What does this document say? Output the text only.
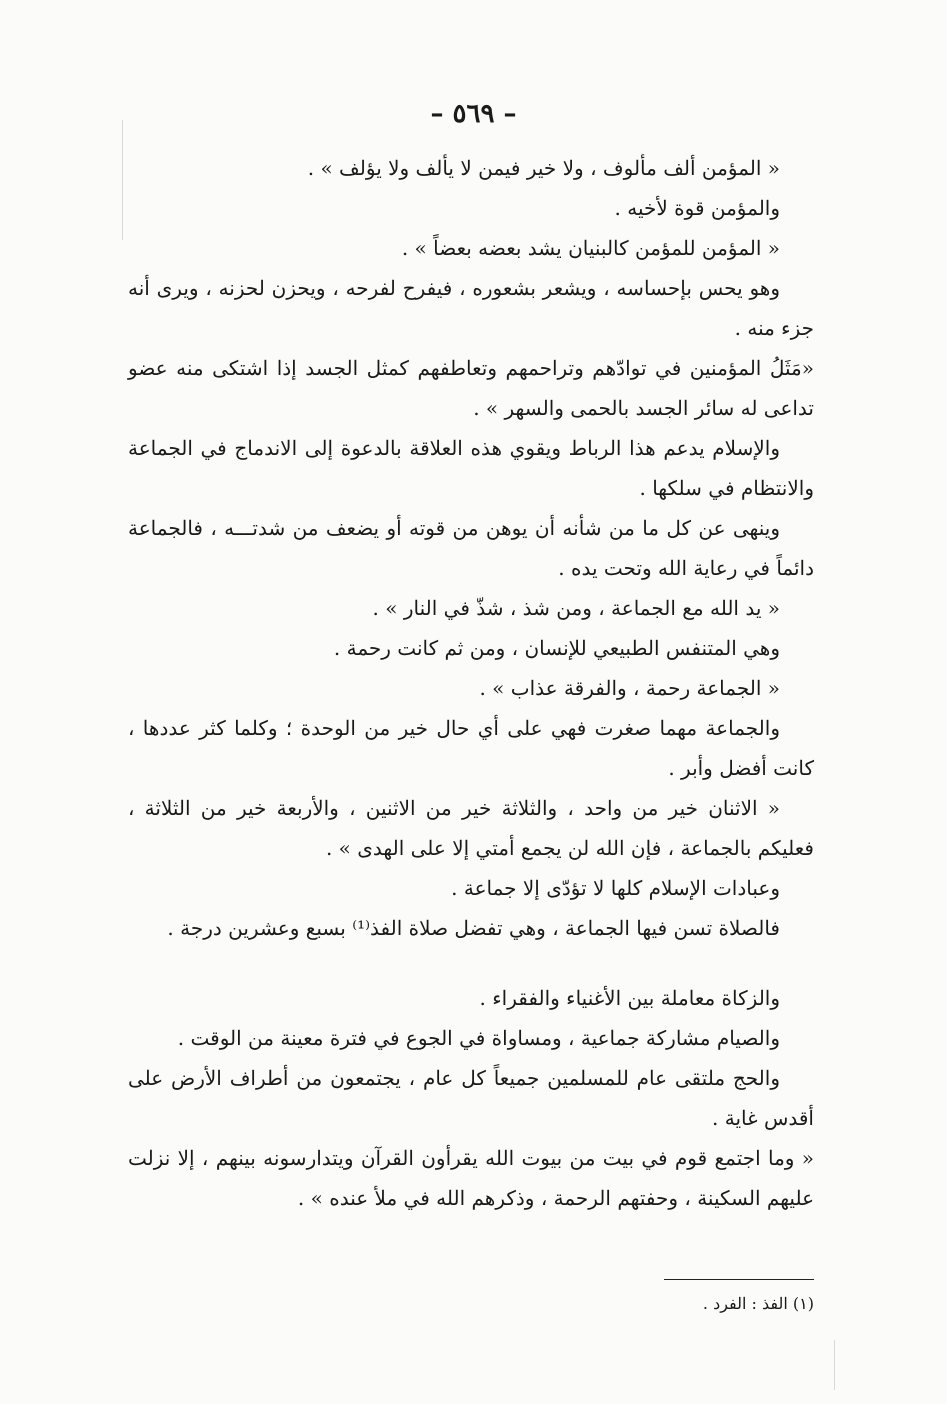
– ٥٦٩ –

« المؤمن ألف مألوف ، ولا خير فيمن لا يألف ولا يؤلف » .

والمؤمن قوة لأخيه .

« المؤمن للمؤمن كالبنيان يشد بعضه بعضاً » .

وهو يحس بإحساسه ، ويشعر بشعوره ، فيفرح لفرحه ، ويحزن لحزنه ، ويرى أنه جزء منه .

«مَثَلُ المؤمنين في توادّهم وتراحمهم وتعاطفهم كمثل الجسد إذا اشتكى منه عضو تداعى له سائر الجسد بالحمى والسهر » .

والإسلام يدعم هذا الرباط ويقوي هذه العلاقة بالدعوة إلى الاندماج في الجماعة والانتظام في سلكها .

وينهى عن كل ما من شأنه أن يوهن من قوته أو يضعف من شدتـــه ، فالجماعة دائماً في رعاية الله وتحت يده .

« يد الله مع الجماعة ، ومن شذ ، شذّ في النار » .

وهي المتنفس الطبيعي للإنسان ، ومن ثم كانت رحمة .

« الجماعة رحمة ، والفرقة عذاب » .

والجماعة مهما صغرت فهي على أي حال خير من الوحدة ؛ وكلما كثر عددها ، كانت أفضل وأبر .

« الاثنان خير من واحد ، والثلاثة خير من الاثنين ، والأربعة خير من الثلاثة ، فعليكم بالجماعة ، فإن الله لن يجمع أمتي إلا على الهدى » .

وعبادات الإسلام كلها لا تؤدّى إلا جماعة .

فالصلاة تسن فيها الجماعة ، وهي تفضل صلاة الفذ⁽¹⁾ بسبع وعشرين درجة .

والزكاة معاملة بين الأغنياء والفقراء .

والصيام مشاركة جماعية ، ومساواة في الجوع في فترة معينة من الوقت .

والحج ملتقى عام للمسلمين جميعاً كل عام ، يجتمعون من أطراف الأرض على أقدس غاية .

« وما اجتمع قوم في بيت من بيوت الله يقرأون القرآن ويتدارسونه بينهم ، إلا نزلت عليهم السكينة ، وحفتهم الرحمة ، وذكرهم الله في ملأ عنده » .

(١) الفذ : الفرد .
